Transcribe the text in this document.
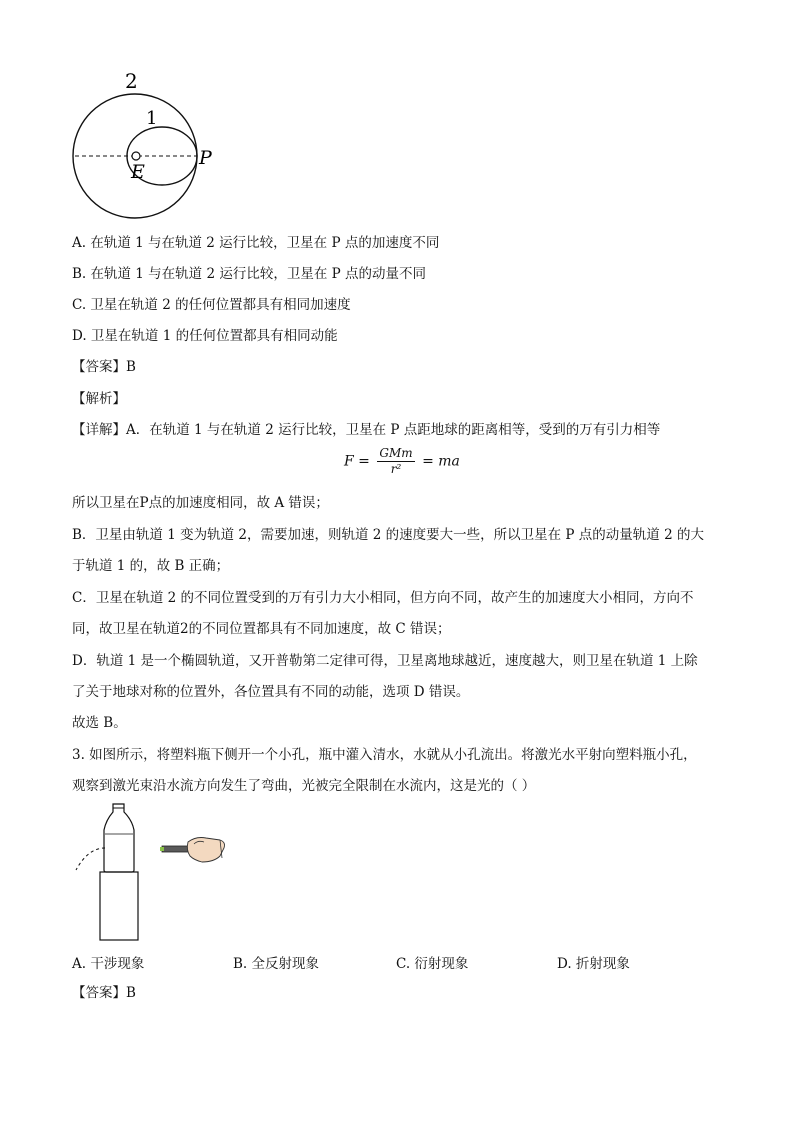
2
1
E
P
A. 在轨道 1 与在轨道 2 运行比较，卫星在 P 点的加速度不同
B. 在轨道 1 与在轨道 2 运行比较，卫星在 P 点的动量不同
C. 卫星在轨道 2 的任何位置都具有相同加速度
D. 卫星在轨道 1 的任何位置都具有相同动能
【答案】B
【解析】
【详解】A．在轨道 1 与在轨道 2 运行比较，卫星在 P 点距地球的距离相等，受到的万有引力相等
$F = \frac{\text{GMm}}{\text{r²}}$ = ma
所以卫星在P点的加速度相同，故 A 错误；
B．卫星由轨道 1 变为轨道 2，需要加速，则轨道 2 的速度要大一些，所以卫星在 P 点的动量轨道 2 的大
于轨道 1 的，故 B 正确；
C．卫星在轨道 2 的不同位置受到的万有引力大小相同，但方向不同，故产生的加速度大小相同，方向不
同，故卫星在轨道2的不同位置都具有不同加速度，故 C 错误；
D．轨道 1 是一个椭圆轨道，又开普勒第二定律可得，卫星离地球越近，速度越大，则卫星在轨道 1 上除
了关于地球对称的位置外，各位置具有不同的动能，选项 D 错误。
故选 B。
3. 如图所示，将塑料瓶下侧开一个小孔，瓶中灌入清水，水就从小孔流出。将激光水平射向塑料瓶小孔，
观察到激光束沿水流方向发生了弯曲，光被完全限制在水流内，这是光的（ ）
A. 干涉现象	B. 全反射现象	C. 衍射现象	D. 折射现象
【答案】B
